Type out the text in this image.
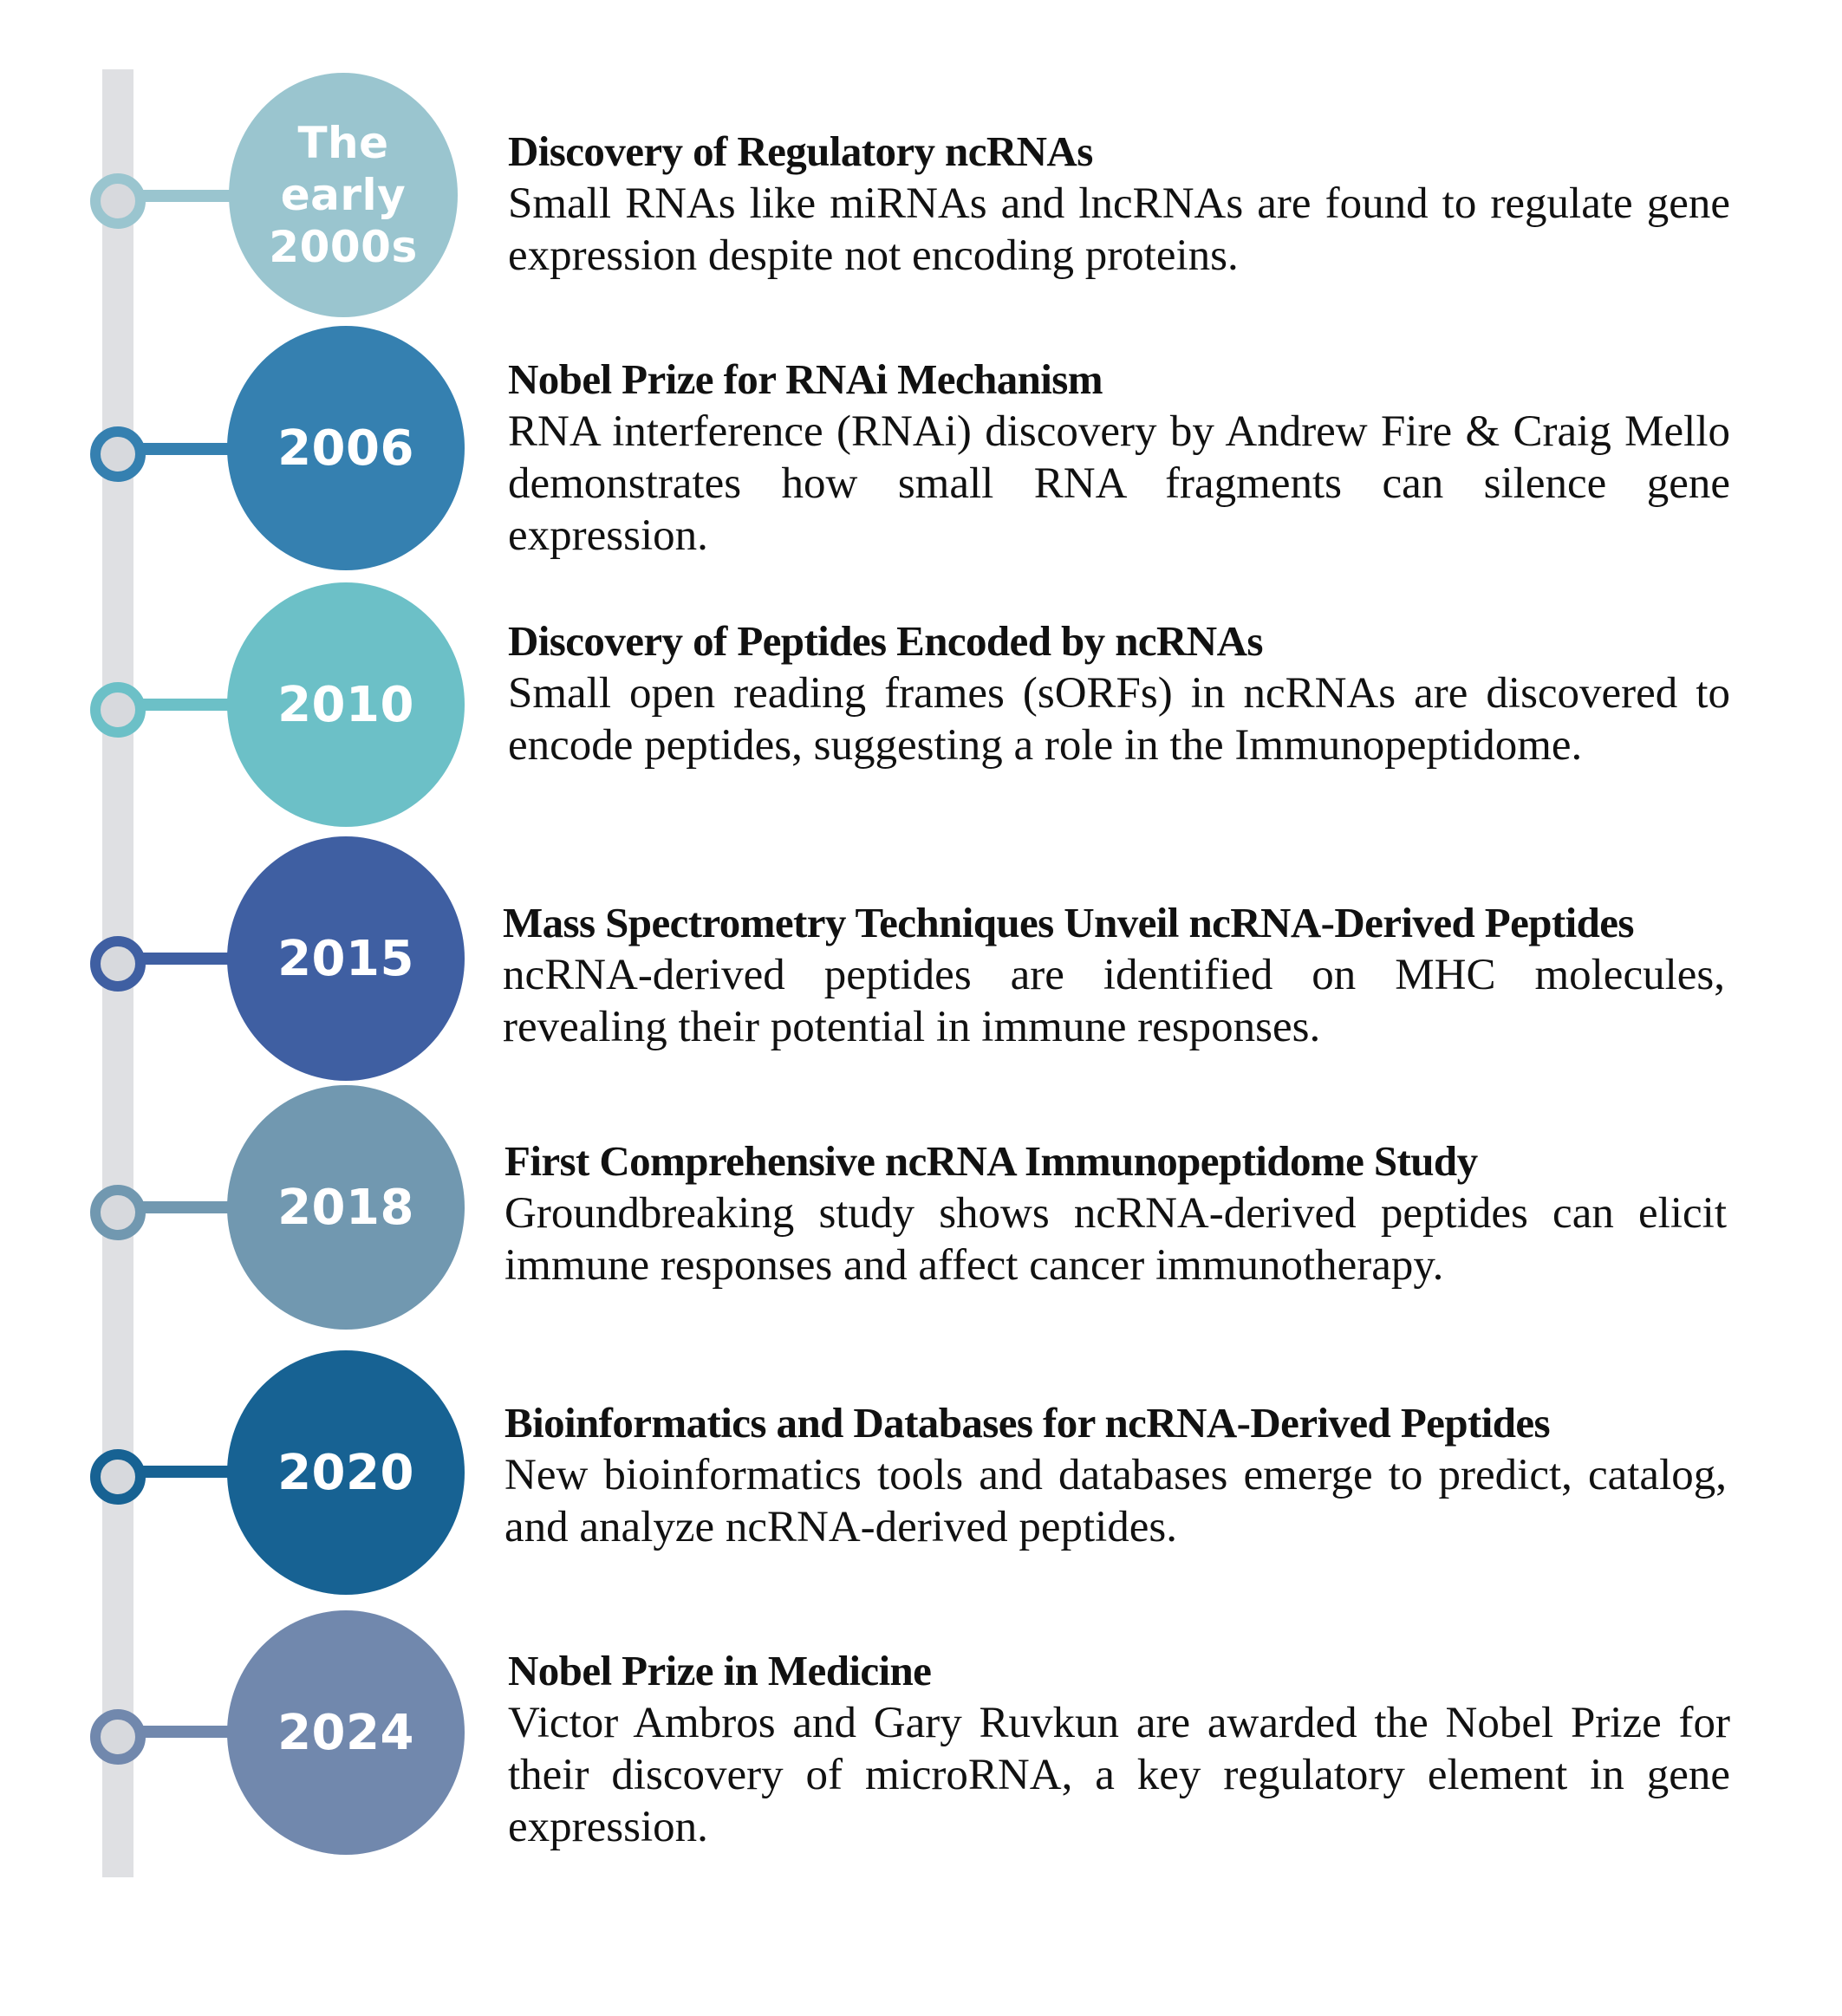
The early
2000s
Discovery of Regulatory ncRNAs
Small RNAs like miRNAs and lncRNAs are found to regulate gene expression despite not encoding proteins.
2006
Nobel Prize for RNAi Mechanism
RNA interference (RNAi) discovery by Andrew Fire & Craig Mello demonstrates how small RNA fragments can silence gene expression.
2010
Discovery of Peptides Encoded by ncRNAs
Small open reading frames (sORFs) in ncRNAs are discovered to encode peptides, suggesting a role in the Immunopeptidome.
2015
Mass Spectrometry Techniques Unveil ncRNA-Derived Peptides
ncRNA-derived peptides are identified on MHC molecules, revealing their potential in immune responses.
2018
First Comprehensive ncRNA Immunopeptidome Study
Groundbreaking study shows ncRNA-derived peptides can elicit immune responses and affect cancer immunotherapy.
2020
Bioinformatics and Databases for ncRNA-Derived Peptides
New bioinformatics tools and databases emerge to predict, catalog, and analyze ncRNA-derived peptides.
2024
Nobel Prize in Medicine
Victor Ambros and Gary Ruvkun are awarded the Nobel Prize for their discovery of microRNA, a key regulatory element in gene expression.
